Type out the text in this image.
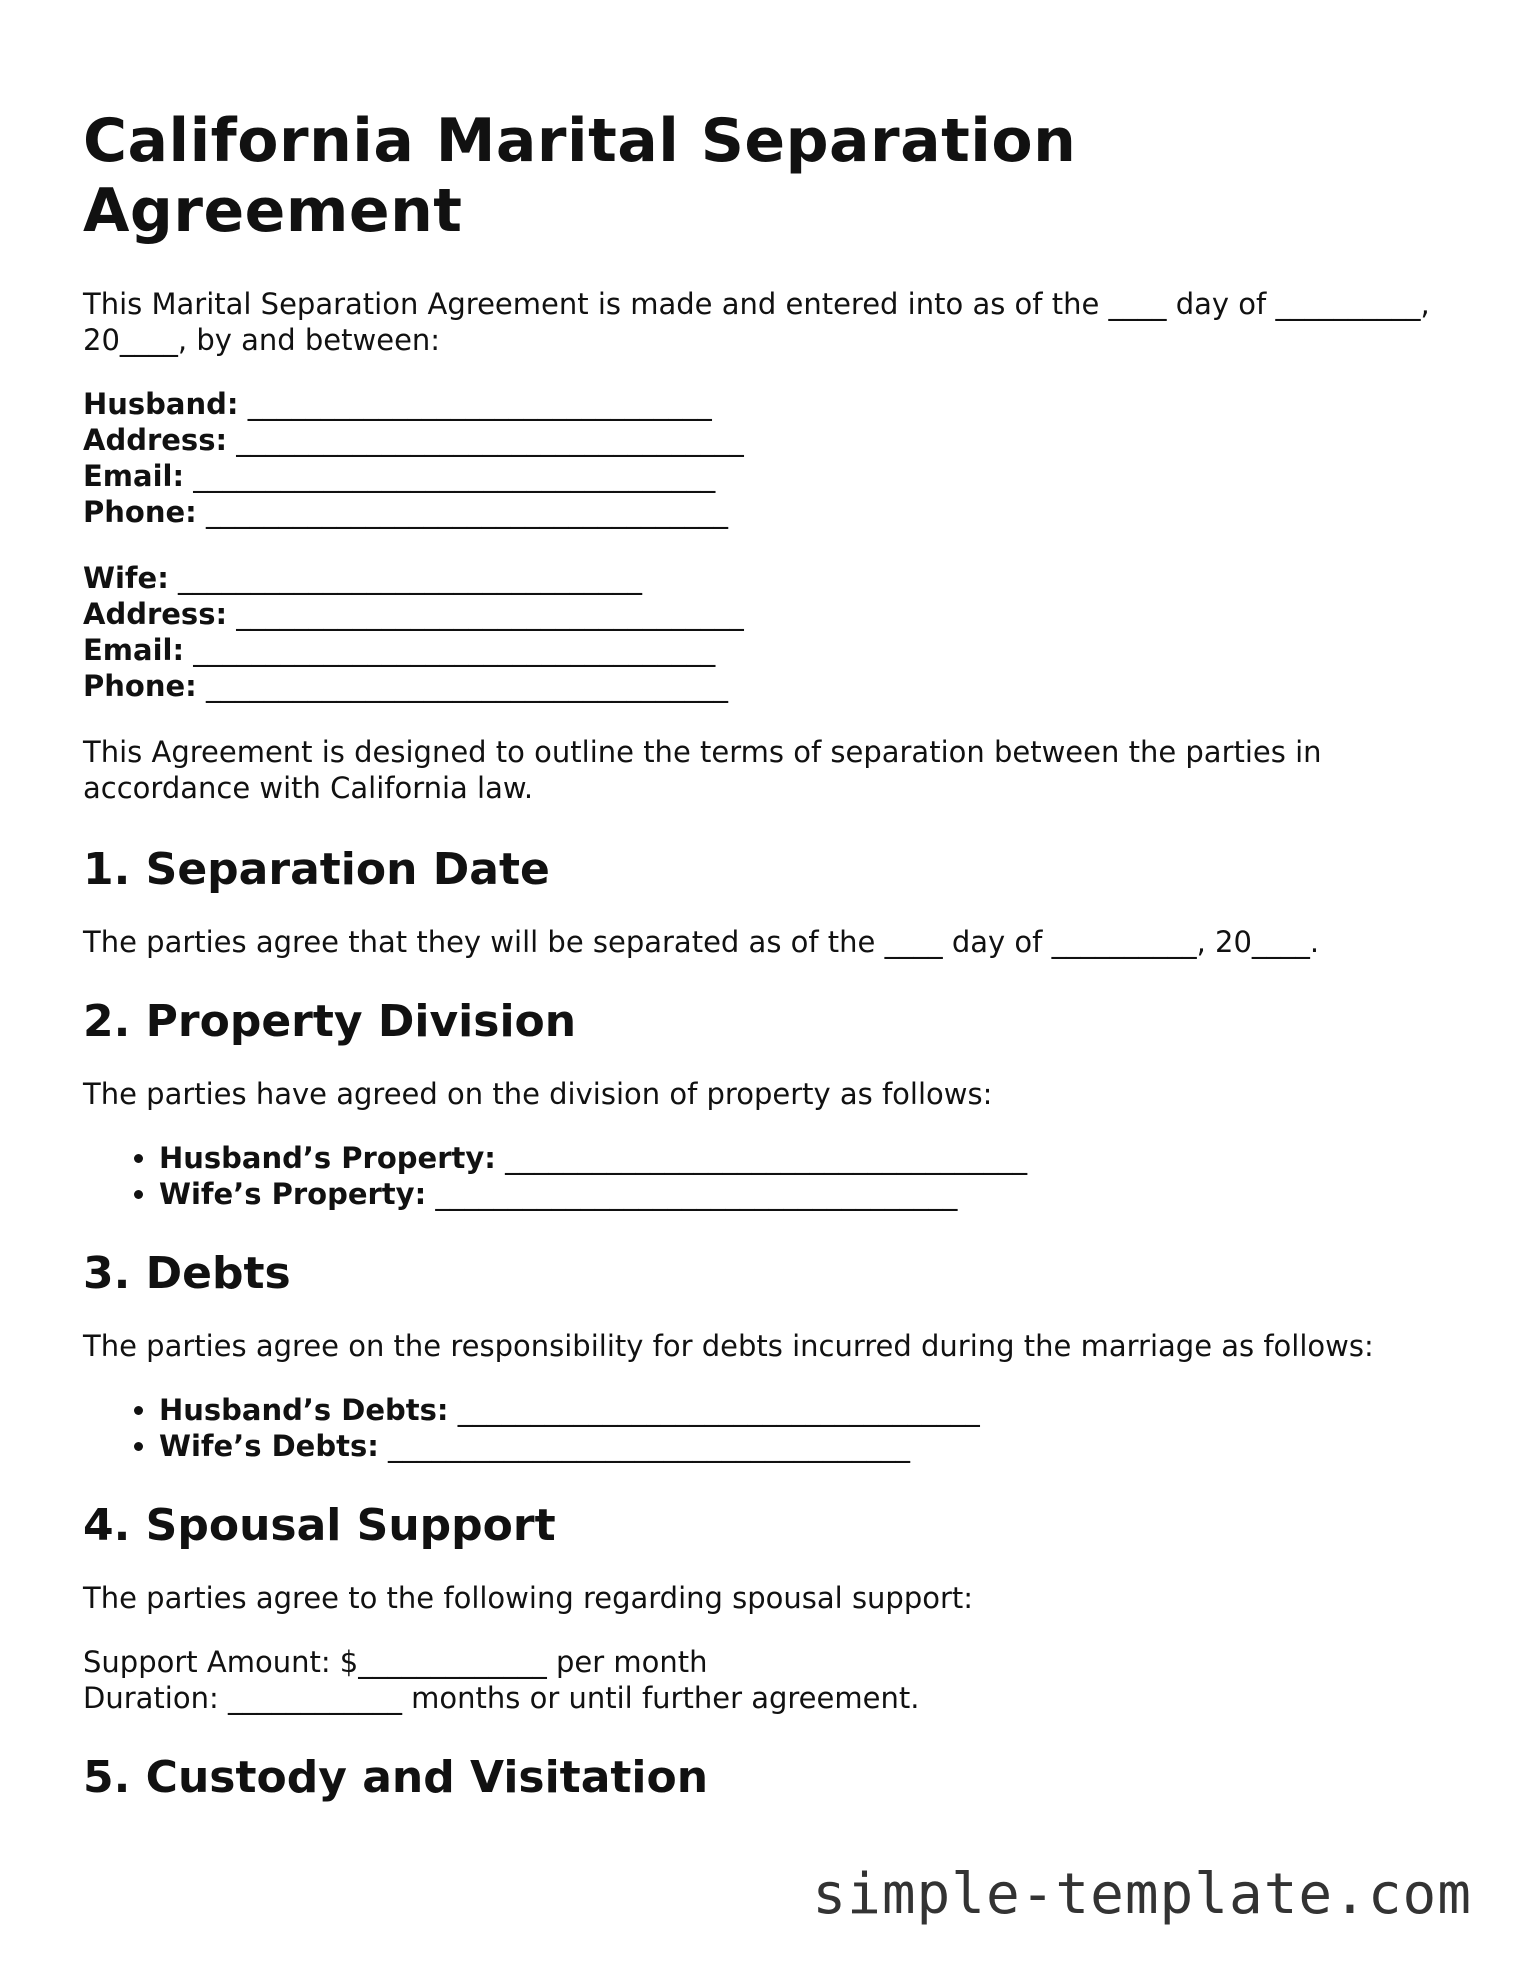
California Marital Separation Agreement

This Marital Separation Agreement is made and entered into as of the ____ day of __________, 20____, by and between:

Husband: ________________________________
Address: ___________________________________
Email: ____________________________________
Phone: ____________________________________
Wife: ________________________________
Address: ___________________________________
Email: ____________________________________
Phone: ____________________________________

This Agreement is designed to outline the terms of separation between the parties in accordance with California law.

1. Separation Date

The parties agree that they will be separated as of the ____ day of __________, 20____.

2. Property Division

The parties have agreed on the division of property as follows:

• Husband’s Property: ____________________________________
• Wife’s Property: ____________________________________
3. Debts

The parties agree on the responsibility for debts incurred during the marriage as follows:

• Husband’s Debts: ____________________________________
• Wife’s Debts: ____________________________________
4. Spousal Support

The parties agree to the following regarding spousal support:

Support Amount: $_____________ per month
Duration: ____________ months or until further agreement.
5. Custody and Visitation
simple-template.com
